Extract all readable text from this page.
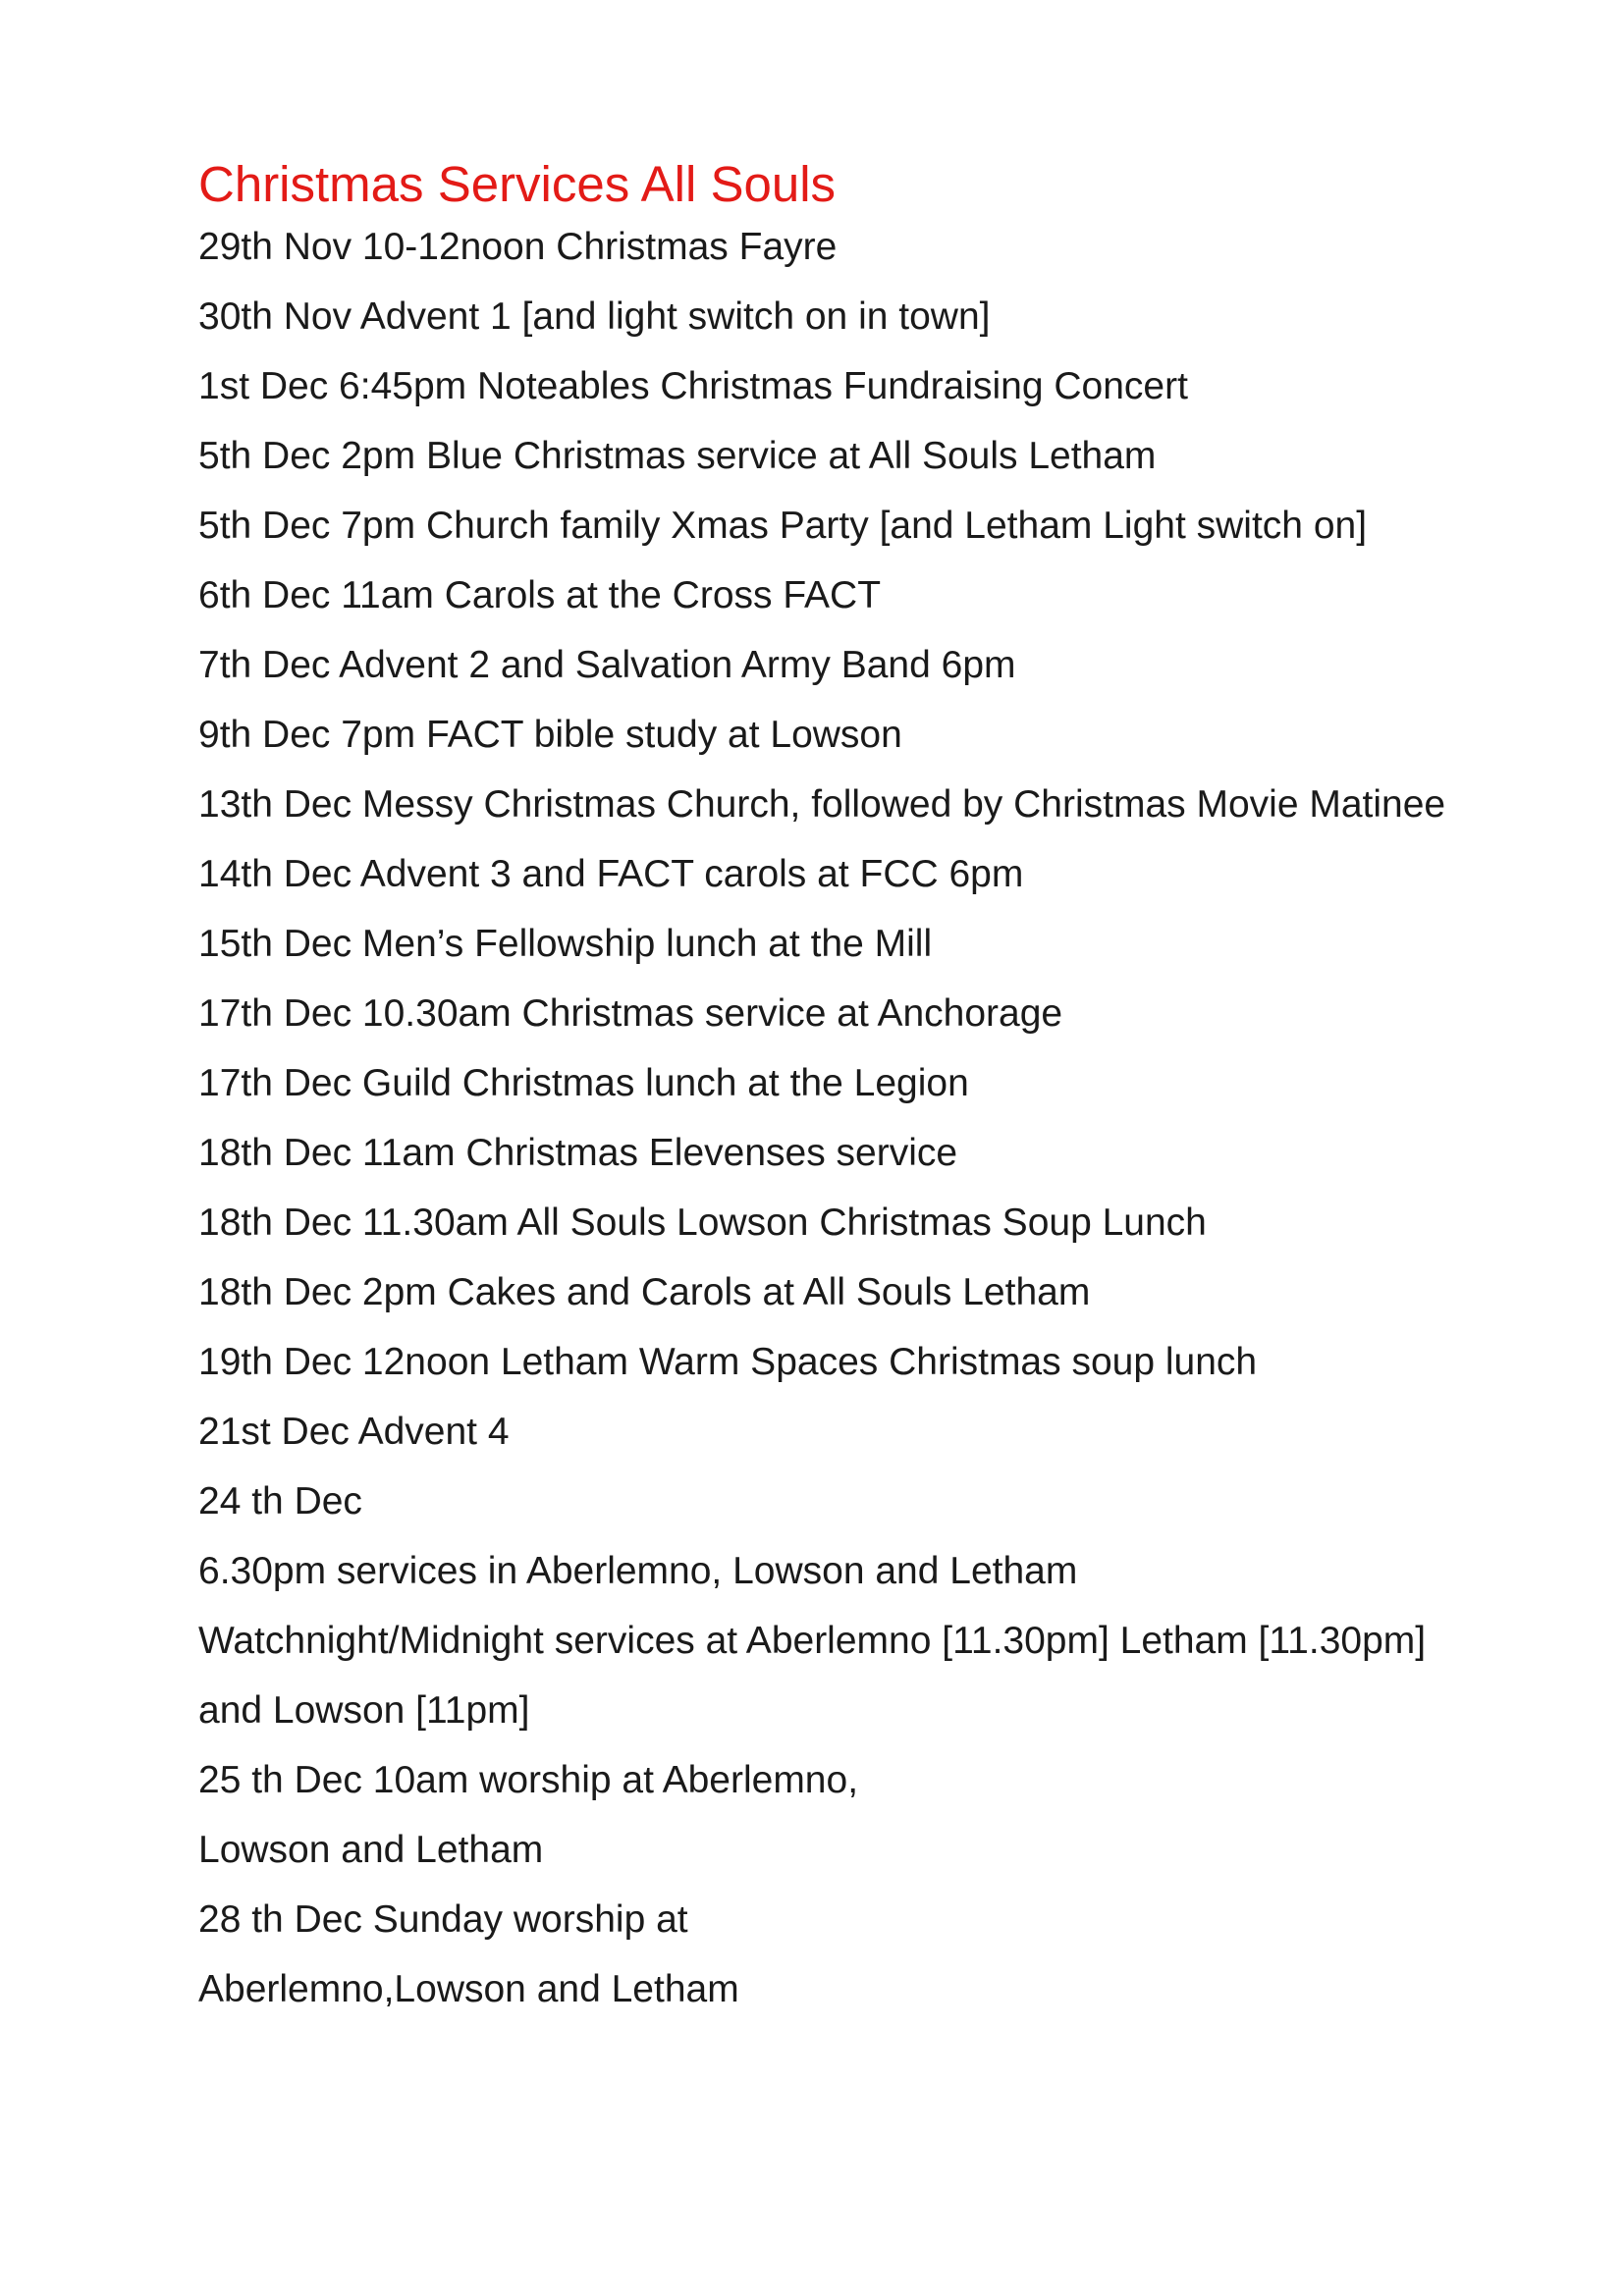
Christmas Services All Souls
29th Nov 10-12noon Christmas Fayre
30th Nov Advent 1 [and light switch on in town]
1st Dec 6:45pm Noteables Christmas Fundraising Concert
5th Dec 2pm Blue Christmas service at All Souls Letham
5th Dec 7pm Church family Xmas Party [and Letham Light switch on]
6th Dec 11am Carols at the Cross FACT
7th Dec Advent 2 and Salvation Army Band 6pm
9th Dec 7pm FACT bible study at Lowson
13th Dec Messy Christmas Church, followed by Christmas Movie Matinee
14th Dec Advent 3 and FACT carols at FCC 6pm
15th Dec Men’s Fellowship lunch at the Mill
17th Dec 10.30am Christmas service at Anchorage
17th Dec Guild Christmas lunch at the Legion
18th Dec 11am Christmas Elevenses service
18th Dec 11.30am All Souls Lowson Christmas Soup Lunch
18th Dec 2pm Cakes and Carols at All Souls Letham
19th Dec 12noon Letham Warm Spaces Christmas soup lunch
21st Dec Advent 4
24 th Dec
6.30pm services in Aberlemno, Lowson and Letham
Watchnight/Midnight services at Aberlemno [11.30pm] Letham [11.30pm]
and Lowson [11pm]
25 th Dec 10am worship at Aberlemno,
Lowson and Letham
28 th Dec Sunday worship at
Aberlemno,Lowson and Letham
